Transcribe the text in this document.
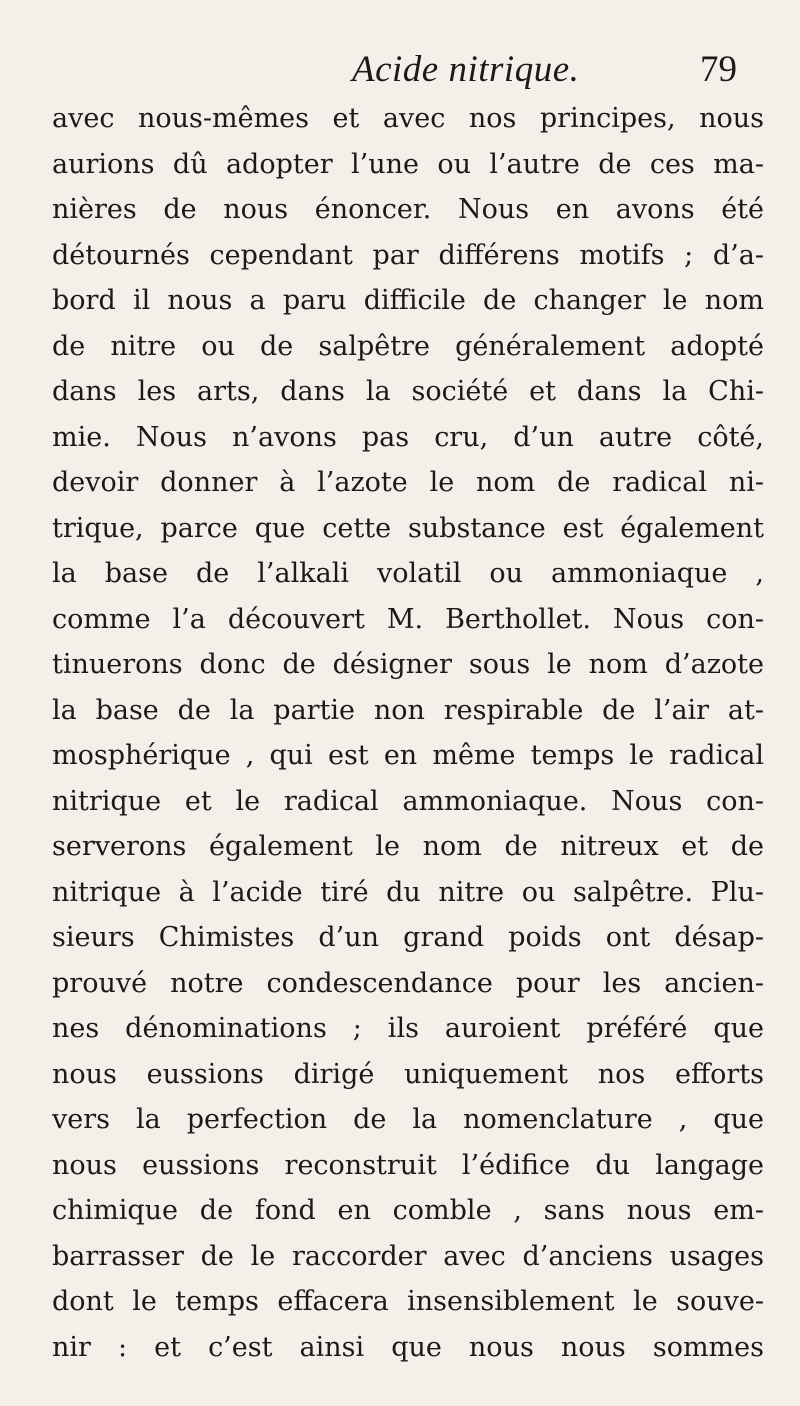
Acide nitrique.	79
avec nous-mêmes et avec nos principes, nous
aurions dû adopter l’une ou l’autre de ces ma-
nières de nous énoncer. Nous en avons été
détournés cependant par différens motifs ; d’a-
bord il nous a paru difficile de changer le nom
de nitre ou de salpêtre généralement adopté
dans les arts, dans la société et dans la Chi-
mie. Nous n’avons pas cru, d’un autre côté,
devoir donner à l’azote le nom de radical ni-
trique, parce que cette substance est également
la base de l’alkali volatil ou ammoniaque ,
comme l’a découvert M. Berthollet. Nous con-
tinuerons donc de désigner sous le nom d’azote
la base de la partie non respirable de l’air at-
mosphérique , qui est en même temps le radical
nitrique et le radical ammoniaque. Nous con-
serverons également le nom de nitreux et de
nitrique à l’acide tiré du nitre ou salpêtre. Plu-
sieurs Chimistes d’un grand poids ont désap-
prouvé notre condescendance pour les ancien-
nes dénominations ; ils auroient préféré que
nous eussions dirigé uniquement nos efforts
vers la perfection de la nomenclature , que
nous eussions reconstruit l’édifice du langage
chimique de fond en comble , sans nous em-
barrasser de le raccorder avec d’anciens usages
dont le temps effacera insensiblement le souve-
nir : et c’est ainsi que nous nous sommes
